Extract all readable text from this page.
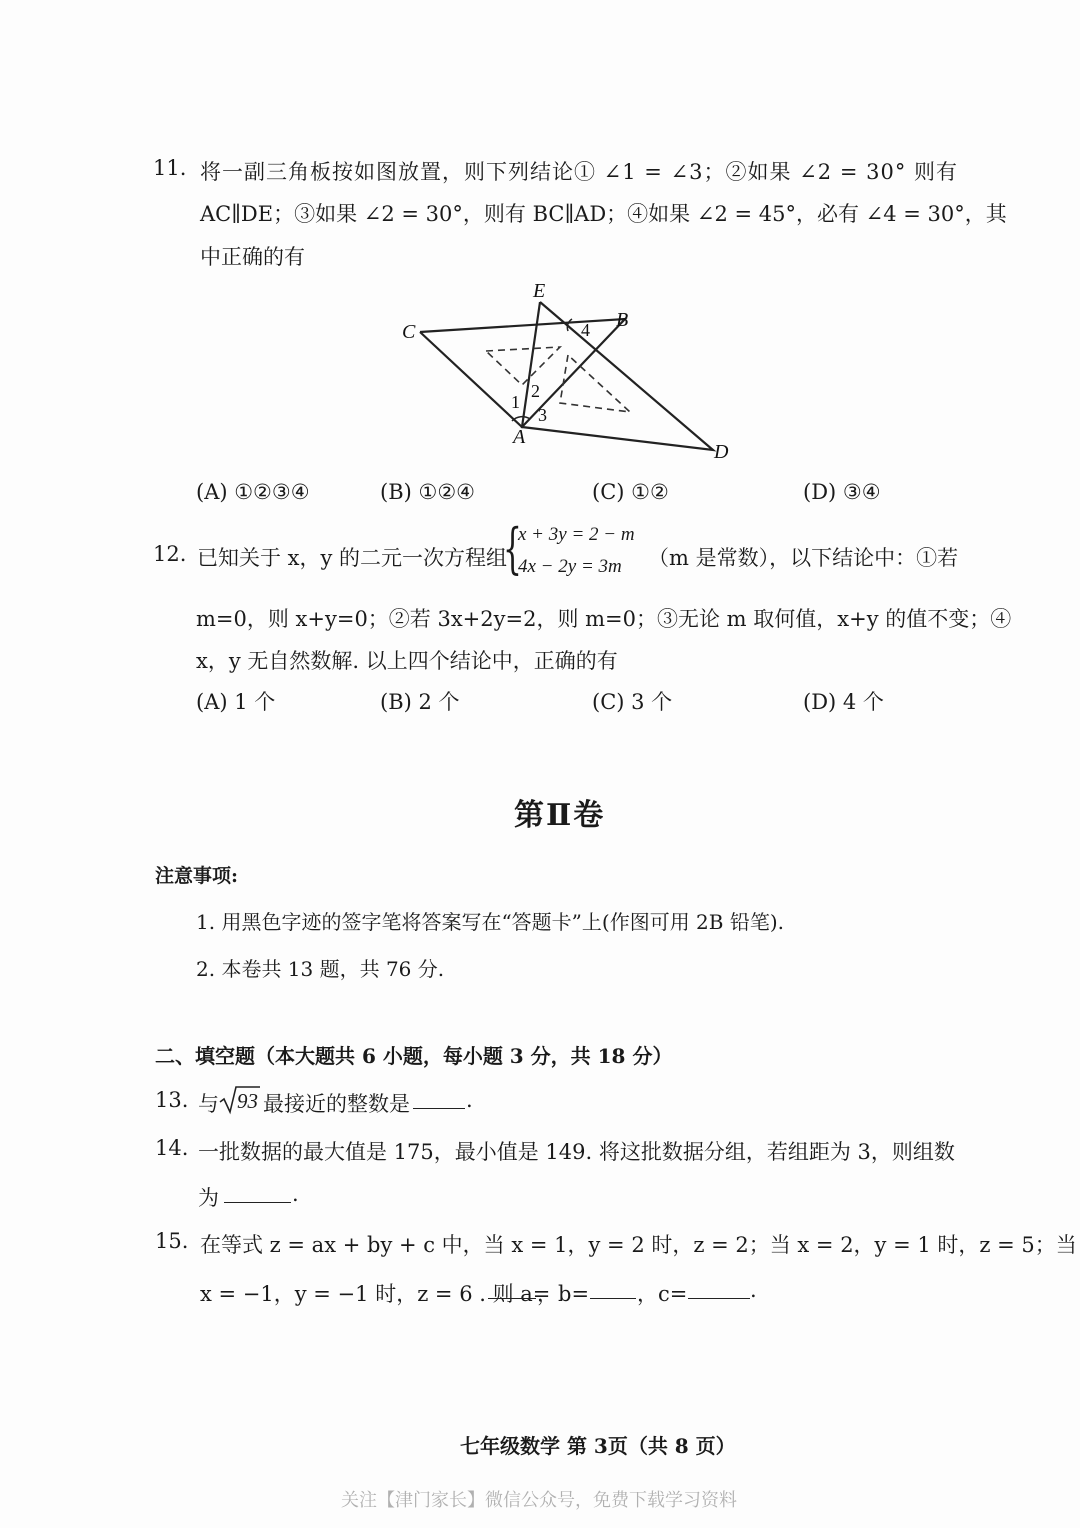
11. 将一副三角板按如图放置，则下列结论① ∠1 = ∠3；②如果 ∠2 = 30° 则有
AC∥DE；③如果 ∠2 = 30°，则有 BC∥AD；④如果 ∠2 = 45°，必有 ∠4 = 30°，其
中正确的有
E
B
C
A
D
1
2
3
4
(A) ①②③④	(B) ①②④	(C) ①②	(D) ③④
12. 已知关于 x，y 的二元一次方程组
{
x + 3y = 2 − m
4x − 2y = 3m （m 是常数），以下结论中：①若
m=0，则 x+y=0；②若 3x+2y=2，则 m=0；③无论 m 取何值，x+y 的值不变；④
x，y 无自然数解. 以上四个结论中，正确的有
(A) 1 个	(B) 2 个	(C) 3 个	(D) 4 个
第Ⅱ卷
注意事项:
1. 用黑色字迹的签字笔将答案写在“答题卡”上(作图可用 2B 铅笔).
2. 本卷共 13 题，共 76 分.
二、填空题（本大题共 6 小题，每小题 3 分，共 18 分）
13. 与 93 最接近的整数是	.
14. 一批数据的最大值是 175，最小值是 149. 将这批数据分组，若组距为 3，则组数
为	.
15. 在等式 z = ax + by + c 中，当 x = 1，y = 2 时，z = 2；当 x = 2，y = 1 时，z = 5；当
x = −1，y = −1 时，z = 6 . 则 a=
，b= ，c=	.
七年级数学 第 3页（共 8 页）
关注【津门家长】微信公众号，免费下载学习资料
